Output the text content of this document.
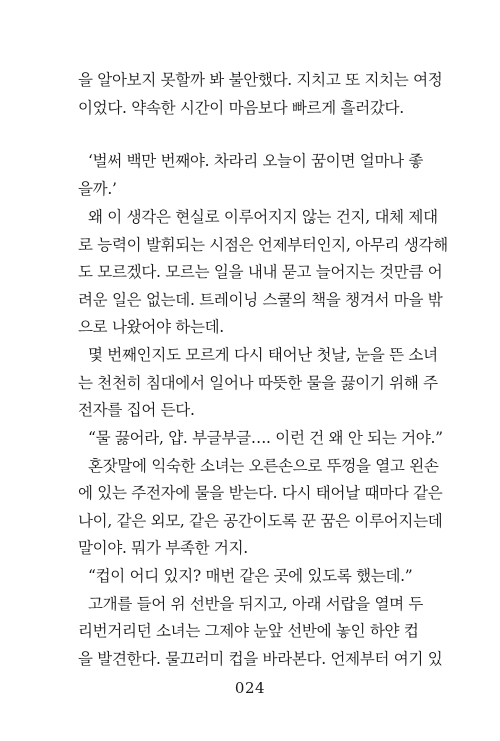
을 알아보지 못할까 봐 불안했다. 지치고 또 지치는 여정
이었다. 약속한 시간이 마음보다 빠르게 흘러갔다.
‘벌써 백만 번째야. 차라리 오늘이 꿈이면 얼마나 좋
을까.’
왜 이 생각은 현실로 이루어지지 않는 건지, 대체 제대
로 능력이 발휘되는 시점은 언제부터인지, 아무리 생각해
도 모르겠다. 모르는 일을 내내 묻고 늘어지는 것만큼 어
려운 일은 없는데. 트레이닝 스쿨의 책을 챙겨서 마을 밖
으로 나왔어야 하는데.
몇 번째인지도 모르게 다시 태어난 첫날, 눈을 뜬 소녀
는 천천히 침대에서 일어나 따뜻한 물을 끓이기 위해 주
전자를 집어 든다.
“물 끓어라, 얍. 부글부글…. 이런 건 왜 안 되는 거야.”
혼잣말에 익숙한 소녀는 오른손으로 뚜껑을 열고 왼손
에 있는 주전자에 물을 받는다. 다시 태어날 때마다 같은
나이, 같은 외모, 같은 공간이도록 꾼 꿈은 이루어지는데
말이야. 뭐가 부족한 거지.
“컵이 어디 있지? 매번 같은 곳에 있도록 했는데.”
고개를 들어 위 선반을 뒤지고, 아래 서랍을 열며 두
리번거리던 소녀는 그제야 눈앞 선반에 놓인 하얀 컵
을 발견한다. 물끄러미 컵을 바라본다. 언제부터 여기 있
024
